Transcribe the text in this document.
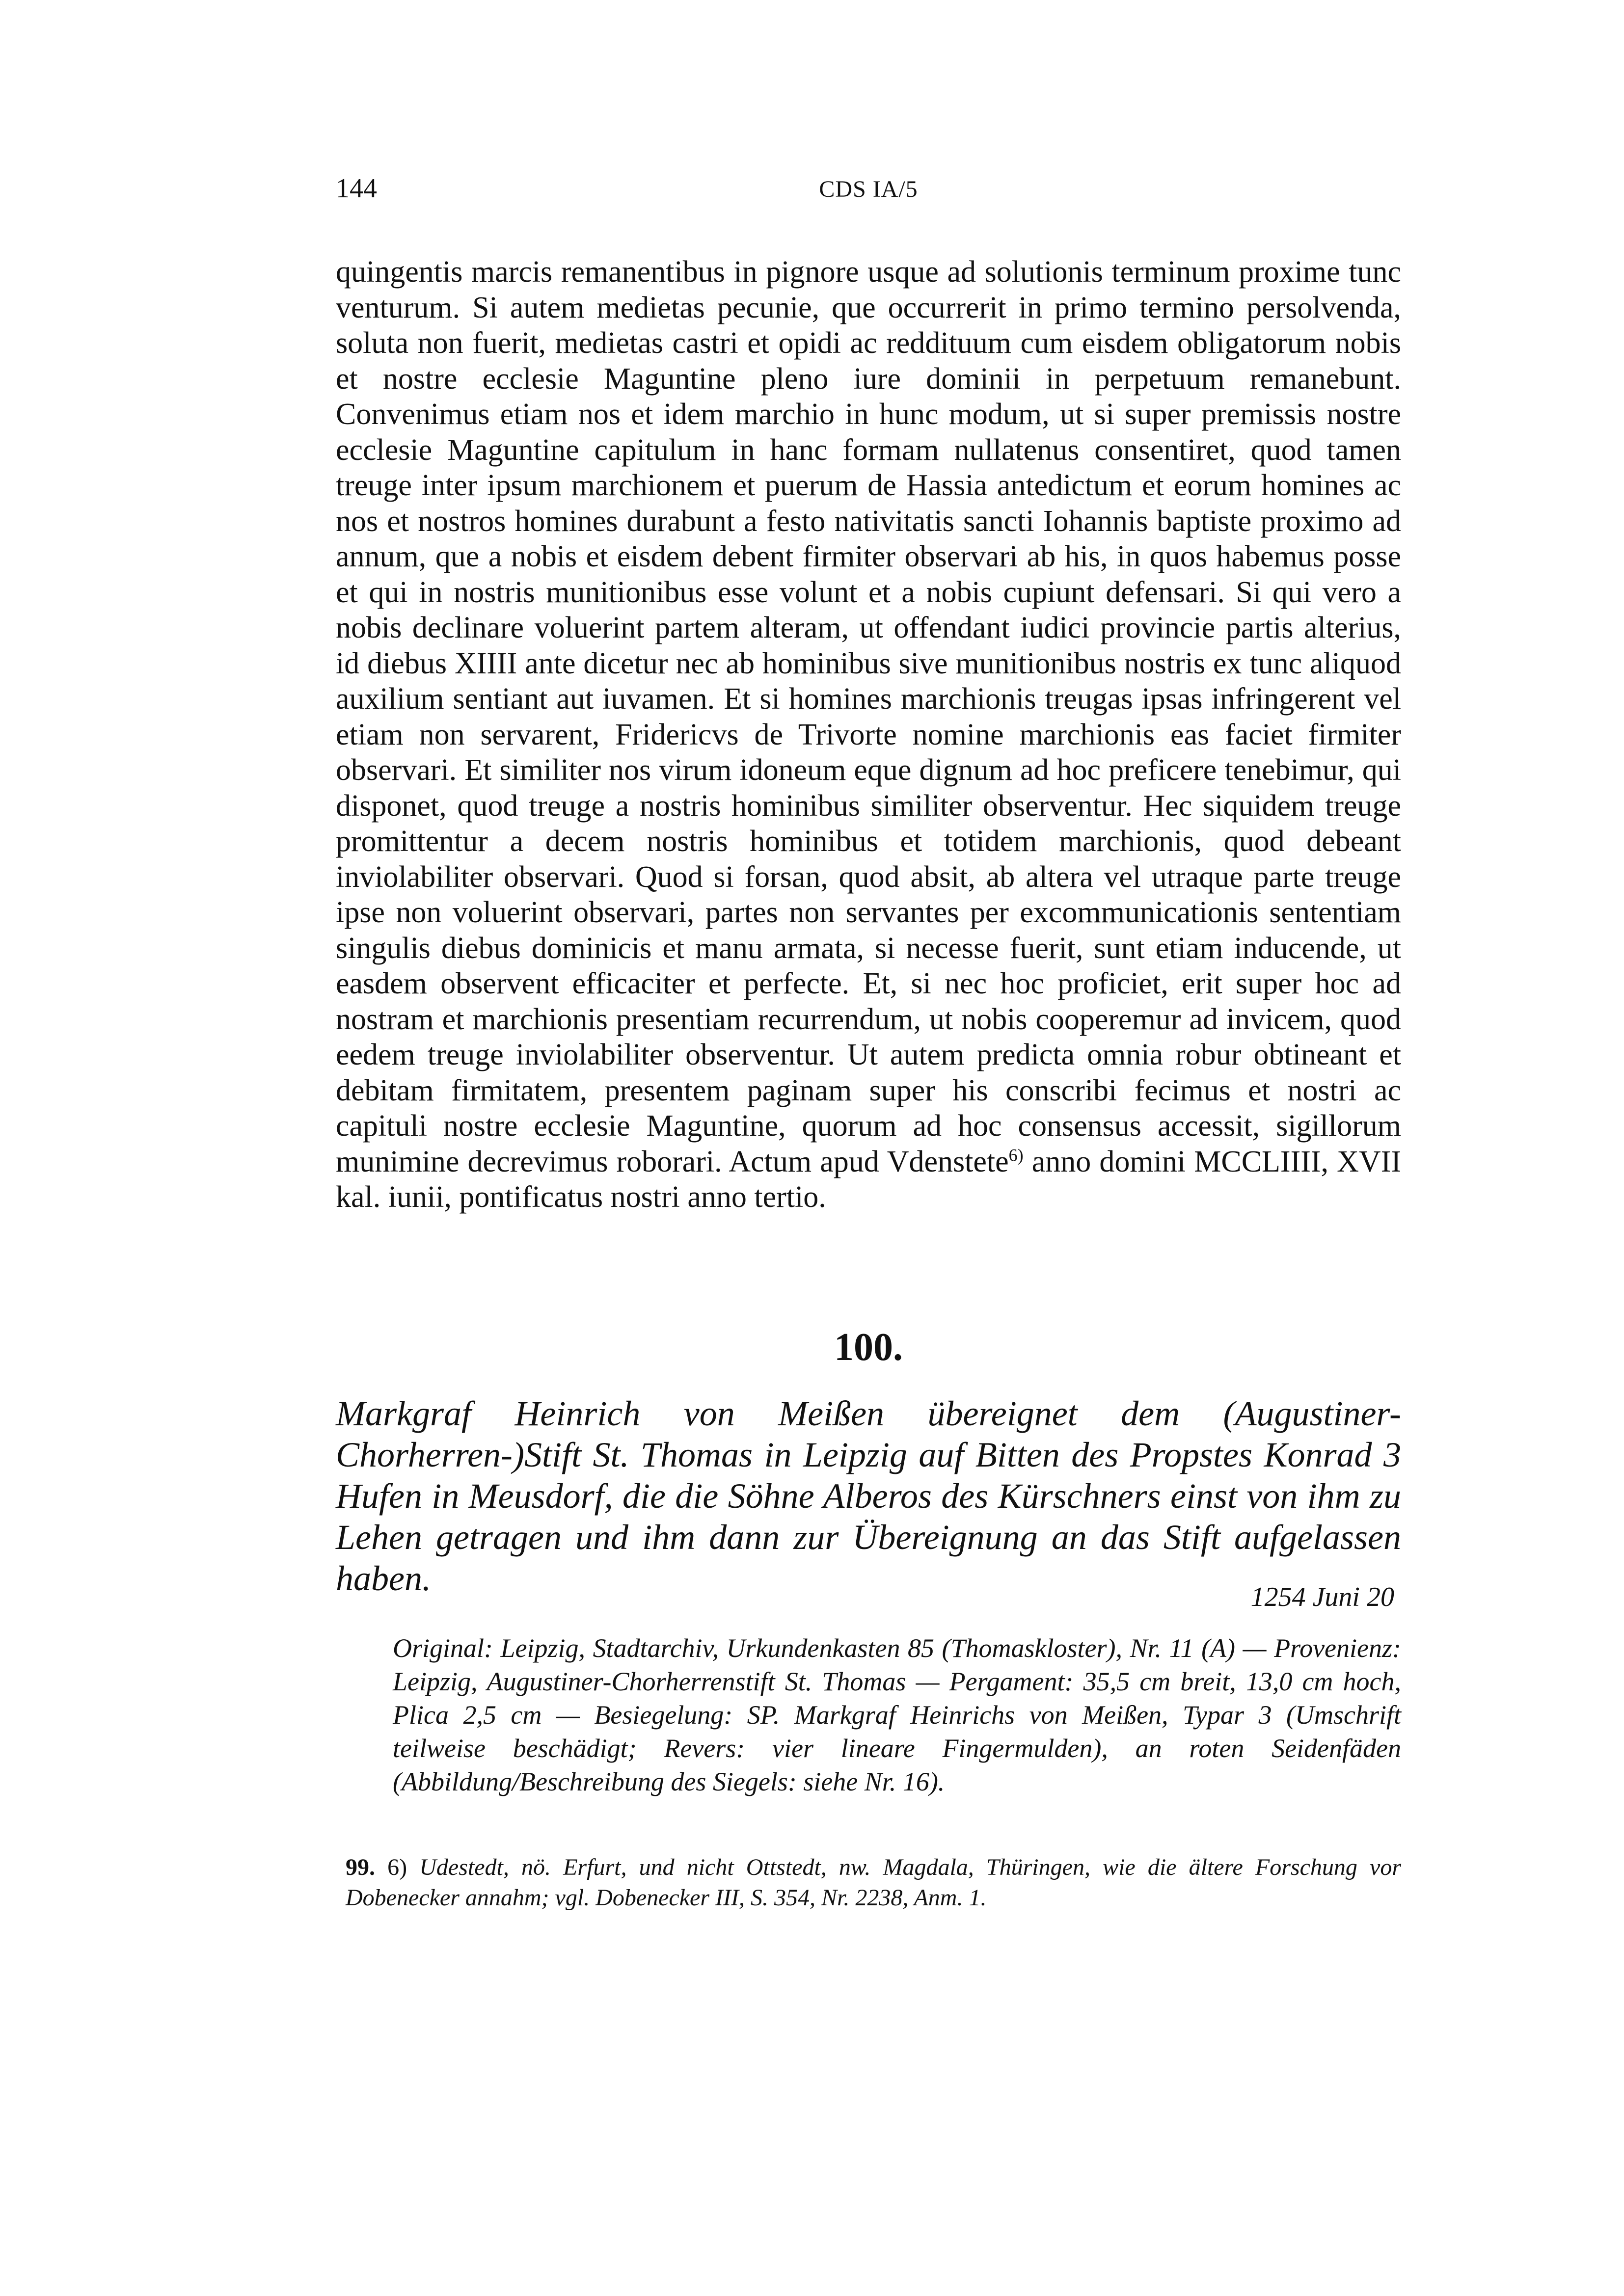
144	CDS IA/5

quingentis marcis remanentibus in pignore usque ad solutionis terminum proxime tunc venturum. Si autem medietas pecunie, que occurrerit in primo termino persolvenda, soluta non fuerit, medietas castri et opidi ac reddituum cum eisdem obligatorum nobis et nostre ecclesie Maguntine pleno iure dominii in perpetuum remanebunt. Convenimus etiam nos et idem marchio in hunc modum, ut si super premissis nostre ecclesie Maguntine capitulum in hanc formam nullatenus consentiret, quod tamen treuge inter ipsum marchionem et puerum de Hassia antedictum et eorum homines ac nos et nostros homines durabunt a festo nativitatis sancti Iohannis baptiste proximo ad annum, que a nobis et eisdem debent firmiter observari ab his, in quos habemus posse et qui in nostris munitionibus esse volunt et a nobis cupiunt defensari. Si qui vero a nobis declinare voluerint partem alteram, ut offendant iudici provincie partis alterius, id diebus XIIII ante dicetur nec ab hominibus sive munitionibus nostris ex tunc aliquod auxilium sentiant aut iuvamen. Et si homines marchionis treugas ipsas infringerent vel etiam non servarent, Fridericvs de Trivorte nomine marchionis eas faciet firmiter observari. Et similiter nos virum idoneum eque dignum ad hoc preficere tenebimur, qui disponet, quod treuge a nostris hominibus similiter observentur. Hec siquidem treuge promittentur a decem nostris hominibus et totidem marchionis, quod debeant inviolabiliter observari. Quod si forsan, quod absit, ab altera vel utraque parte treuge ipse non voluerint observari, partes non servantes per excommunicationis sententiam singulis diebus dominicis et manu armata, si necesse fuerit, sunt etiam inducende, ut easdem observent efficaciter et perfecte. Et, si nec hoc proficiet, erit super hoc ad nostram et marchionis presentiam recurrendum, ut nobis cooperemur ad invicem, quod eedem treuge inviolabiliter observentur. Ut autem predicta omnia robur obtineant et debitam firmitatem, presentem paginam super his conscribi fecimus et nostri ac capituli nostre ecclesie Maguntine, quorum ad hoc consensus accessit, sigillorum munimine decrevimus roborari. Actum apud Vdenstete$^{6)}$ anno domini MCCLIIII, XVII kal. iunii, pontificatus nostri anno tertio.

100.

Markgraf Heinrich von Meißen übereignet dem (Augustiner-Chorherren-)Stift St. Thomas in Leipzig auf Bitten des Propstes Konrad 3 Hufen in Meusdorf, die die Söhne Alberos des Kürschners einst von ihm zu Lehen getragen und ihm dann zur Übereignung an das Stift aufgelassen haben.	1254 Juni 20

Original: Leipzig, Stadtarchiv, Urkundenkasten 85 (Thomaskloster), Nr. 11 (A) — Provenienz: Leipzig, Augustiner-Chorherrenstift St. Thomas — Pergament: 35,5 cm breit, 13,0 cm hoch, Plica 2,5 cm — Besiegelung: SP. Markgraf Heinrichs von Meißen, Typar 3 (Umschrift teilweise beschädigt; Revers: vier lineare Fingermulden), an roten Seidenfäden (Abbildung/Beschreibung des Siegels: siehe Nr. 16).

99. 6) Udestedt, nö. Erfurt, und nicht Ottstedt, nw. Magdala, Thüringen, wie die ältere Forschung vor Dobenecker annahm; vgl. Dobenecker III, S. 354, Nr. 2238, Anm. 1.
